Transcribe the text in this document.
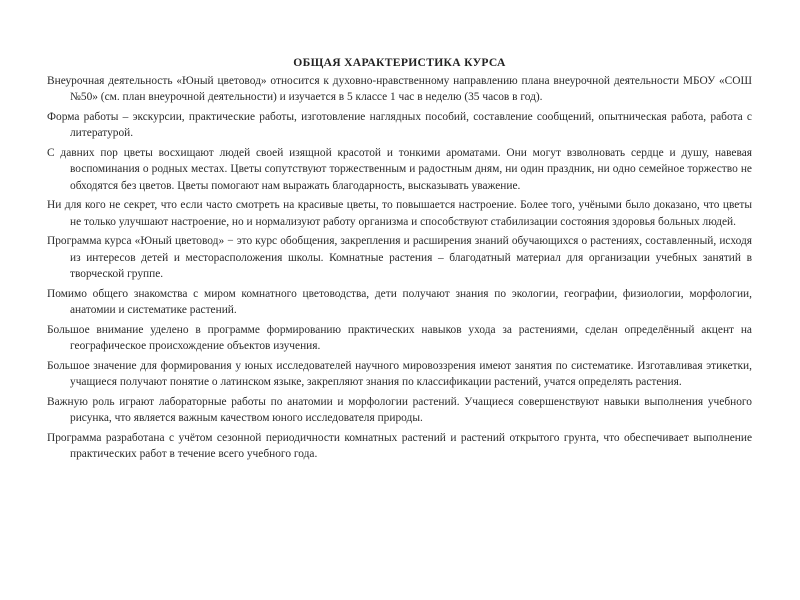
ОБЩАЯ ХАРАКТЕРИСТИКА КУРСА

Внеурочная деятельность «Юный цветовод» относится к духовно-нравственному направлению плана внеурочной деятельности МБОУ «СОШ №50» (см. план внеурочной деятельности) и изучается в 5 классе 1 час в неделю (35 часов в год).

Форма работы – экскурсии, практические работы, изготовление наглядных пособий, составление сообщений, опытническая работа, работа с литературой.

С давних пор цветы восхищают людей своей изящной красотой и тонкими ароматами. Они могут взволновать сердце и душу, навевая воспоминания о родных местах. Цветы сопутствуют торжественным и радостным дням, ни один праздник, ни одно семейное торжество не обходятся без цветов. Цветы помогают нам выражать благодарность, высказывать уважение.

Ни для кого не секрет, что если часто смотреть на красивые цветы, то повышается настроение. Более того, учёными было доказано, что цветы не только улучшают настроение, но и нормализуют работу организма и способствуют стабилизации состояния здоровья больных людей.

Программа курса «Юный цветовод» − это курс обобщения, закрепления и расширения знаний обучающихся о растениях, составленный, исходя из интересов детей и месторасположения школы. Комнатные растения – благодатный материал для организации учебных занятий в творческой группе.

Помимо общего знакомства с миром комнатного цветоводства, дети получают знания по экологии, географии, физиологии, морфологии, анатомии и систематике растений.

Большое внимание уделено в программе формированию практических навыков ухода за растениями, сделан определённый акцент на географическое происхождение объектов изучения.

Большое значение для формирования у юных исследователей научного мировоззрения имеют занятия по систематике. Изготавливая этикетки, учащиеся получают понятие о латинском языке, закрепляют знания по классификации растений, учатся определять растения.

Важную роль играют лабораторные работы по анатомии и морфологии растений. Учащиеся совершенствуют навыки выполнения учебного рисунка, что является важным качеством юного исследователя природы.

Программа разработана с учётом сезонной периодичности комнатных растений и растений открытого грунта, что обеспечивает выполнение практических работ в течение всего учебного года.
